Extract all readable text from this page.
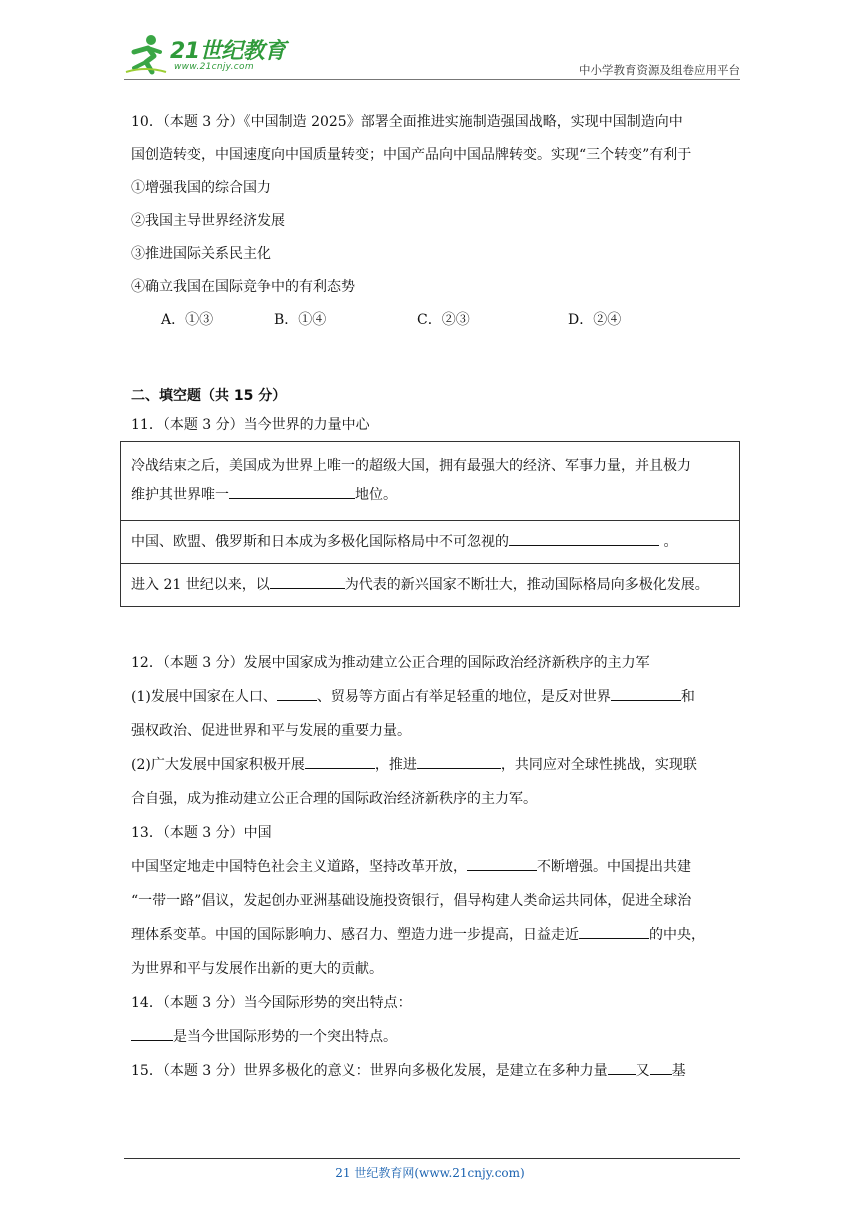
21世纪教育
www.21cnjy.com	中小学教育资源及组卷应用平台

10．（本题 3 分）《中国制造 2025》部署全面推进实施制造强国战略，实现中国制造向中

国创造转变，中国速度向中国质量转变；中国产品向中国品牌转变。实现“三个转变”有利于

①增强我国的综合国力

②我国主导世界经济发展

③推进国际关系民主化

④确立我国在国际竞争中的有利态势

A．①③	B．①④	C．②③	D．②④
二、填空题（共 15 分）
11．（本题 3 分）当今世界的力量中心
冷战结束之后，美国成为世界上唯一的超级大国，拥有最强大的经济、军事力量，并且极力
维护其世界唯一	地位。

中国、欧盟、俄罗斯和日本成为多极化国际格局中不可忽视的	。
进入 21 世纪以来，以	为代表的新兴国家不断壮大，推动国际格局向多极化发展。

12．（本题 3 分）发展中国家成为推动建立公正合理的国际政治经济新秩序的主力军

(1)发展中国家在人口、	、贸易等方面占有举足轻重的地位，是反对世界	和

强权政治、促进世界和平与发展的重要力量。

(2)广大发展中国家积极开展	，推进	，共同应对全球性挑战，实现联

合自强，成为推动建立公正合理的国际政治经济新秩序的主力军。

13．（本题 3 分）中国

中国坚定地走中国特色社会主义道路，坚持改革开放，	不断增强。中国提出共建

“一带一路”倡议，发起创办亚洲基础设施投资银行，倡导构建人类命运共同体，促进全球治

理体系变革。中国的国际影响力、感召力、塑造力进一步提高，日益走近	的中央，

为世界和平与发展作出新的更大的贡献。

14．（本题 3 分）当今国际形势的突出特点：

是当今世国际形势的一个突出特点。

15．（本题 3 分）世界多极化的意义：世界向多极化发展，是建立在多种力量 又 基

21 世纪教育网(www.21cnjy.com)
